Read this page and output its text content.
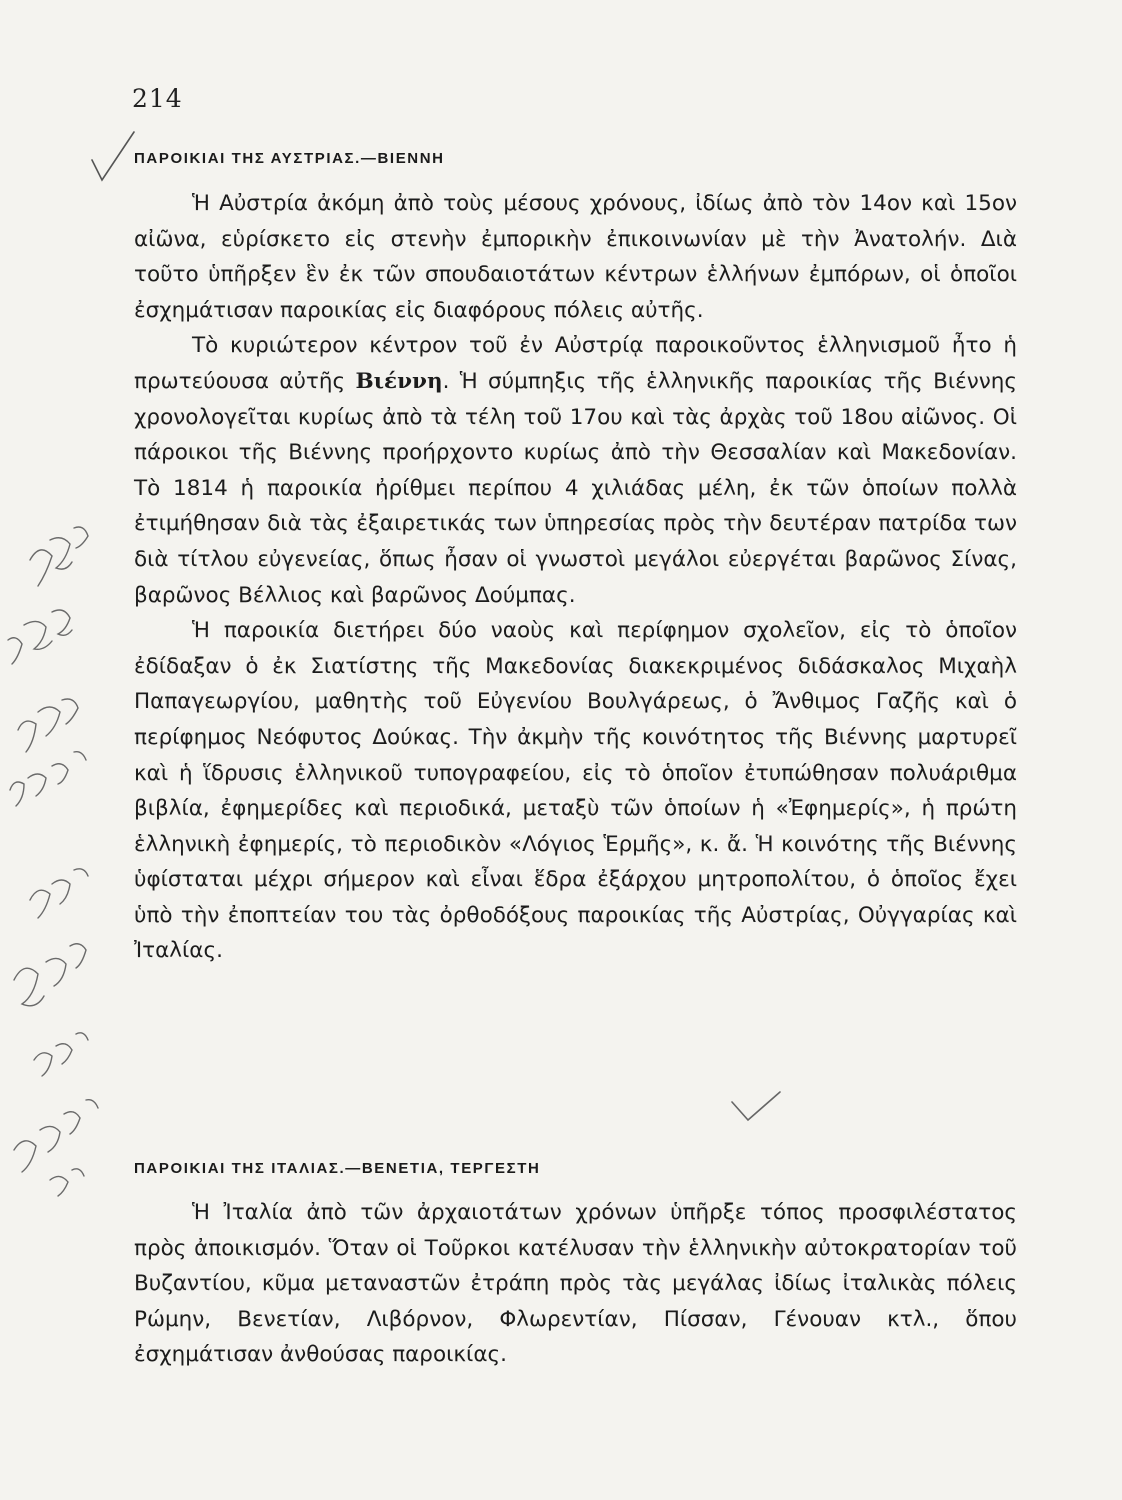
214
ΠΑΡΟΙΚΙΑΙ ΤΗΣ ΑΥΣΤΡΙΑΣ.—ΒΙΕΝΝΗ

Ἡ Αὐστρία ἀκόμη ἀπὸ τοὺς μέσους χρόνους, ἰδίως ἀπὸ τὸν 14ον καὶ 15ον αἰῶνα, εὑρίσκετο εἰς στενὴν ἐμπορικὴν ἐπικοινωνίαν μὲ τὴν Ἀνατολήν. Διὰ τοῦτο ὑπῆρξεν ἓν ἐκ τῶν σπουδαιοτάτων κέντρων ἑλλήνων ἐμπόρων, οἱ ὁποῖοι ἐσχημάτισαν παροικίας εἰς διαφόρους πόλεις αὐτῆς.

Τὸ κυριώτερον κέντρον τοῦ ἐν Αὐστρίᾳ παροικοῦντος ἑλληνισμοῦ ἦτο ἡ πρωτεύουσα αὐτῆς Βιέννη. Ἡ σύμπηξις τῆς ἑλληνικῆς παροικίας τῆς Βιέννης χρονολογεῖται κυρίως ἀπὸ τὰ τέλη τοῦ 17ου καὶ τὰς ἀρχὰς τοῦ 18ου αἰῶνος. Οἱ πάροικοι τῆς Βιέννης προήρχοντο κυρίως ἀπὸ τὴν Θεσσαλίαν καὶ Μακεδονίαν. Τὸ 1814 ἡ παροικία ἠρίθμει περίπου 4 χιλιάδας μέλη, ἐκ τῶν ὁποίων πολλὰ ἐτιμήθησαν διὰ τὰς ἐξαιρετικάς των ὑπηρεσίας πρὸς τὴν δευτέραν πατρίδα των διὰ τίτλου εὐγενείας, ὅπως ἦσαν οἱ γνωστοὶ μεγάλοι εὐεργέται βαρῶνος Σίνας, βαρῶνος Βέλλιος καὶ βαρῶνος Δούμπας.

Ἡ παροικία διετήρει δύο ναοὺς καὶ περίφημον σχολεῖον, εἰς τὸ ὁποῖον ἐδίδαξαν ὁ ἐκ Σιατίστης τῆς Μακεδονίας διακεκριμένος διδάσκαλος Μιχαὴλ Παπαγεωργίου, μαθητὴς τοῦ Εὐγενίου Βουλγάρεως, ὁ Ἄνθιμος Γαζῆς καὶ ὁ περίφημος Νεόφυτος Δούκας. Τὴν ἀκμὴν τῆς κοινότητος τῆς Βιέννης μαρτυρεῖ καὶ ἡ ἵδρυσις ἑλληνικοῦ τυπογραφείου, εἰς τὸ ὁποῖον ἐτυπώθησαν πολυάριθμα βιβλία, ἐφημερίδες καὶ περιοδικά, μεταξὺ τῶν ὁποίων ἡ «Ἐφημερίς», ἡ πρώτη ἑλληνικὴ ἐφημερίς, τὸ περιοδικὸν «Λόγιος Ἑρμῆς», κ. ἄ. Ἡ κοινότης τῆς Βιέννης ὑφίσταται μέχρι σήμερον καὶ εἶναι ἕδρα ἐξάρχου μητροπολίτου, ὁ ὁποῖος ἔχει ὑπὸ τὴν ἐποπτείαν του τὰς ὀρθοδόξους παροικίας τῆς Αὐστρίας, Οὐγγαρίας καὶ Ἰταλίας.

ΠΑΡΟΙΚΙΑΙ ΤΗΣ ΙΤΑΛΙΑΣ.—ΒΕΝΕΤΙΑ, ΤΕΡΓΕΣΤΗ

Ἡ Ἰταλία ἀπὸ τῶν ἀρχαιοτάτων χρόνων ὑπῆρξε τόπος προσφιλέστατος πρὸς ἀποικισμόν. Ὅταν οἱ Τοῦρκοι κατέλυσαν τὴν ἑλληνικὴν αὐτοκρατορίαν τοῦ Βυζαντίου, κῦμα μεταναστῶν ἐτράπη πρὸς τὰς μεγάλας ἰδίως ἰταλικὰς πόλεις Ρώμην, Βενετίαν, Λιβόρνον, Φλωρεντίαν, Πίσσαν, Γένουαν κτλ., ὅπου ἐσχημάτισαν ἀνθούσας παροικίας.
